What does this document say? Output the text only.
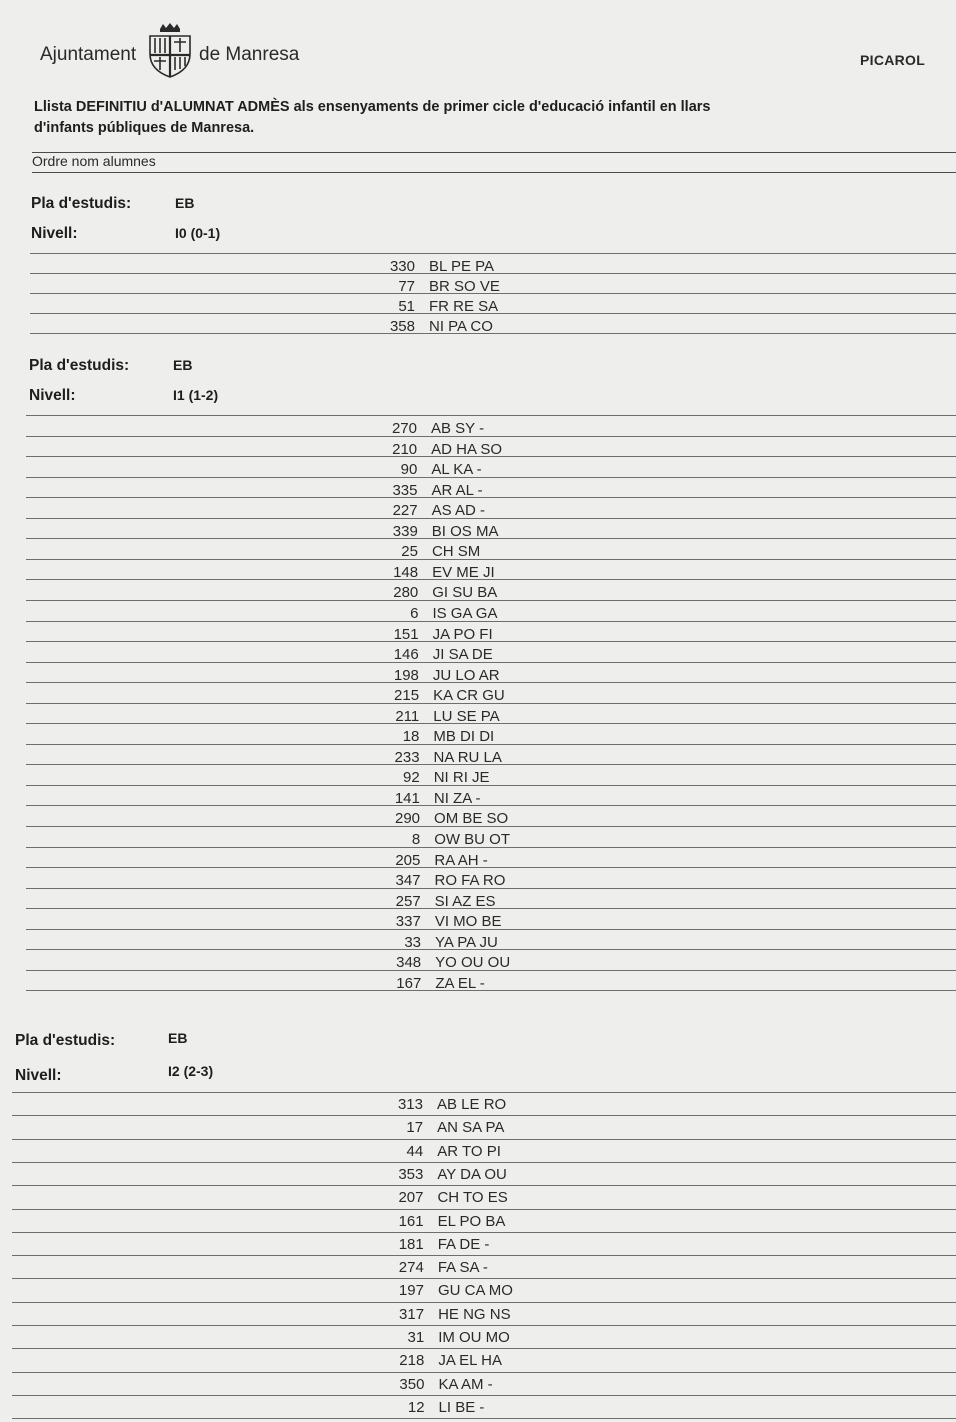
Ajuntament	de Manresa	PICAROL
Llista DEFINITIU d'ALUMNAT ADMÈS als ensenyaments de primer cicle d'educació infantil en llars
d'infants públiques de Manresa.
Ordre nom alumnes
Pla d'estudis:	EB
Nivell:	I0 (0-1)
330 BL PE PA
77 BR SO VE
51 FR RE SA
358 NI PA CO
Pla d'estudis:	EB
Nivell:	I1 (1-2)
270 AB SY -
210 AD HA SO
90 AL KA -
335 AR AL -
227 AS AD -
339 BI OS MA
25 CH SM
148 EV ME JI
280 GI SU BA
6 IS GA GA
151 JA PO FI
146 JI SA DE
198 JU LO AR
215 KA CR GU
211 LU SE PA
18 MB DI DI
233 NA RU LA
92 NI RI JE
141 NI ZA -
290 OM BE SO
8 OW BU OT
205 RA AH -
347 RO FA RO
257 SI AZ ES
337 VI MO BE
33 YA PA JU
348 YO OU OU
167 ZA EL -
Pla d'estudis:	EB
Nivell:	I2 (2-3)
313 AB LE RO
17 AN SA PA
44 AR TO PI
353 AY DA OU
207 CH TO ES
161 EL PO BA
181 FA DE -
274 FA SA -
197 GU CA MO
317 HE NG NS
31 IM OU MO
218 JA EL HA
350 KA AM -
12 LI BE -
